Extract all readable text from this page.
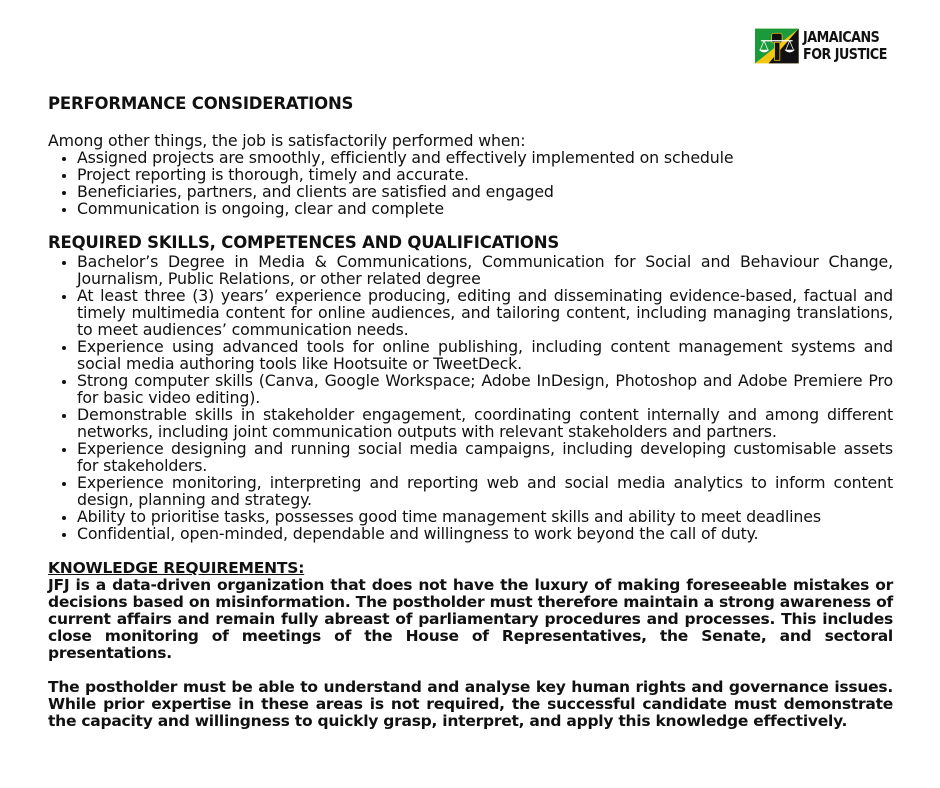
JAMAICANS
FOR JUSTICE

PERFORMANCE CONSIDERATIONS

Among other things, the job is satisfactorily performed when:

• Assigned projects are smoothly, efficiently and effectively implemented on schedule
• Project reporting is thorough, timely and accurate.
• Beneficiaries, partners, and clients are satisfied and engaged
• Communication is ongoing, clear and complete

REQUIRED SKILLS, COMPETENCES AND QUALIFICATIONS

• Bachelor’s Degree in Media & Communications, Communication for Social and Behaviour Change, Journalism, Public Relations, or other related degree
• At least three (3) years’ experience producing, editing and disseminating evidence-based, factual and timely multimedia content for online audiences, and tailoring content, including managing translations, to meet audiences’ communication needs.
• Experience using advanced tools for online publishing, including content management systems and social media authoring tools like Hootsuite or TweetDeck.
• Strong computer skills (Canva, Google Workspace; Adobe InDesign, Photoshop and Adobe Premiere Pro for basic video editing).
• Demonstrable skills in stakeholder engagement, coordinating content internally and among different networks, including joint communication outputs with relevant stakeholders and partners.
• Experience designing and running social media campaigns, including developing customisable assets for stakeholders.
• Experience monitoring, interpreting and reporting web and social media analytics to inform content design, planning and strategy.
• Ability to prioritise tasks, possesses good time management skills and ability to meet deadlines
• Confidential, open-minded, dependable and willingness to work beyond the call of duty.

KNOWLEDGE REQUIREMENTS:

JFJ is a data-driven organization that does not have the luxury of making foreseeable mistakes or decisions based on misinformation. The postholder must therefore maintain a strong awareness of current affairs and remain fully abreast of parliamentary procedures and processes. This includes close monitoring of meetings of the House of Representatives, the Senate, and sectoral presentations.

The postholder must be able to understand and analyse key human rights and governance issues. While prior expertise in these areas is not required, the successful candidate must demonstrate the capacity and willingness to quickly grasp, interpret, and apply this knowledge effectively.
